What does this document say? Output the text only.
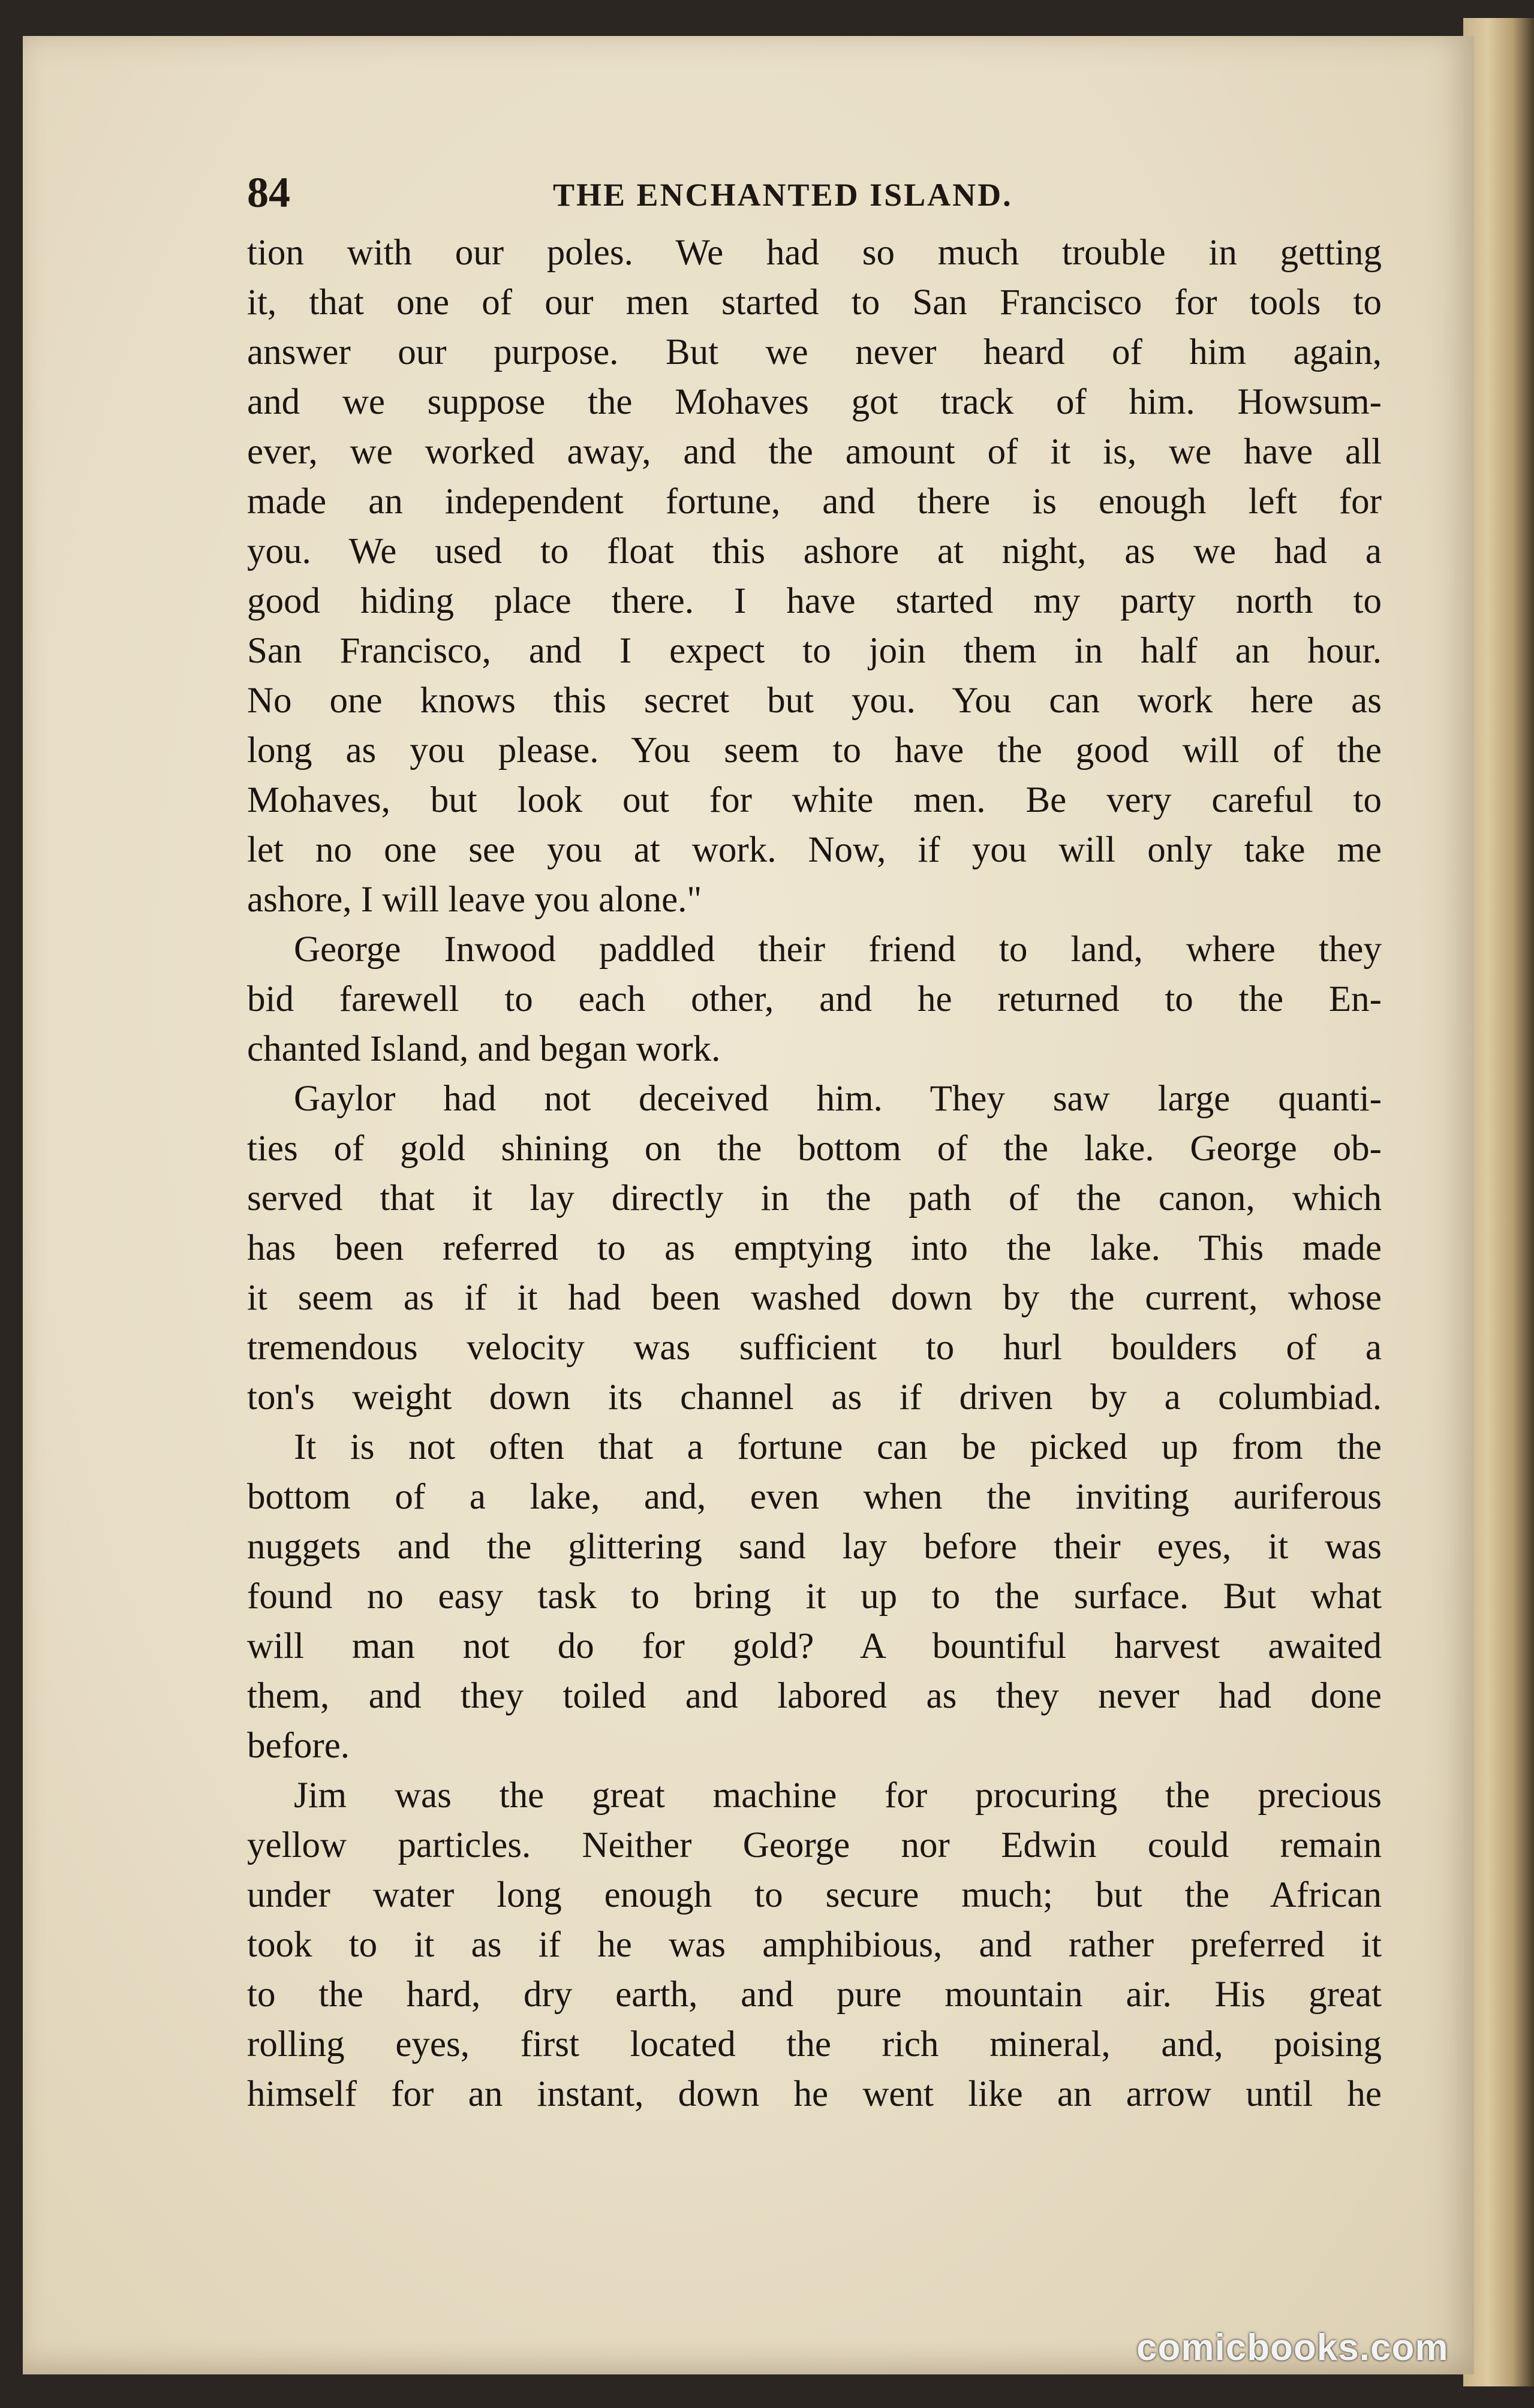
84	THE ENCHANTED ISLAND.
tion with our poles. We had so much trouble in getting
it, that one of our men started to San Francisco for tools to
answer our purpose. But we never heard of him again,
and we suppose the Mohaves got track of him. Howsum-
ever, we worked away, and the amount of it is, we have all
made an independent fortune, and there is enough left for
you. We used to float this ashore at night, as we had a
good hiding place there. I have started my party north to
San Francisco, and I expect to join them in half an hour.
No one knows this secret but you. You can work here as
long as you please. You seem to have the good will of the
Mohaves, but look out for white men. Be very careful to
let no one see you at work. Now, if you will only take me
ashore, I will leave you alone."
George Inwood paddled their friend to land, where they
bid farewell to each other, and he returned to the En-
chanted Island, and began work.
Gaylor had not deceived him. They saw large quanti-
ties of gold shining on the bottom of the lake. George ob-
served that it lay directly in the path of the canon, which
has been referred to as emptying into the lake. This made
it seem as if it had been washed down by the current, whose
tremendous velocity was sufficient to hurl boulders of a
ton's weight down its channel as if driven by a columbiad.
It is not often that a fortune can be picked up from the
bottom of a lake, and, even when the inviting auriferous
nuggets and the glittering sand lay before their eyes, it was
found no easy task to bring it up to the surface. But what
will man not do for gold? A bountiful harvest awaited
them, and they toiled and labored as they never had done
before.
Jim was the great machine for procuring the precious
yellow particles. Neither George nor Edwin could remain
under water long enough to secure much; but the African
took to it as if he was amphibious, and rather preferred it
to the hard, dry earth, and pure mountain air. His great
rolling eyes, first located the rich mineral, and, poising
himself for an instant, down he went like an arrow until he
comicbooks.com
